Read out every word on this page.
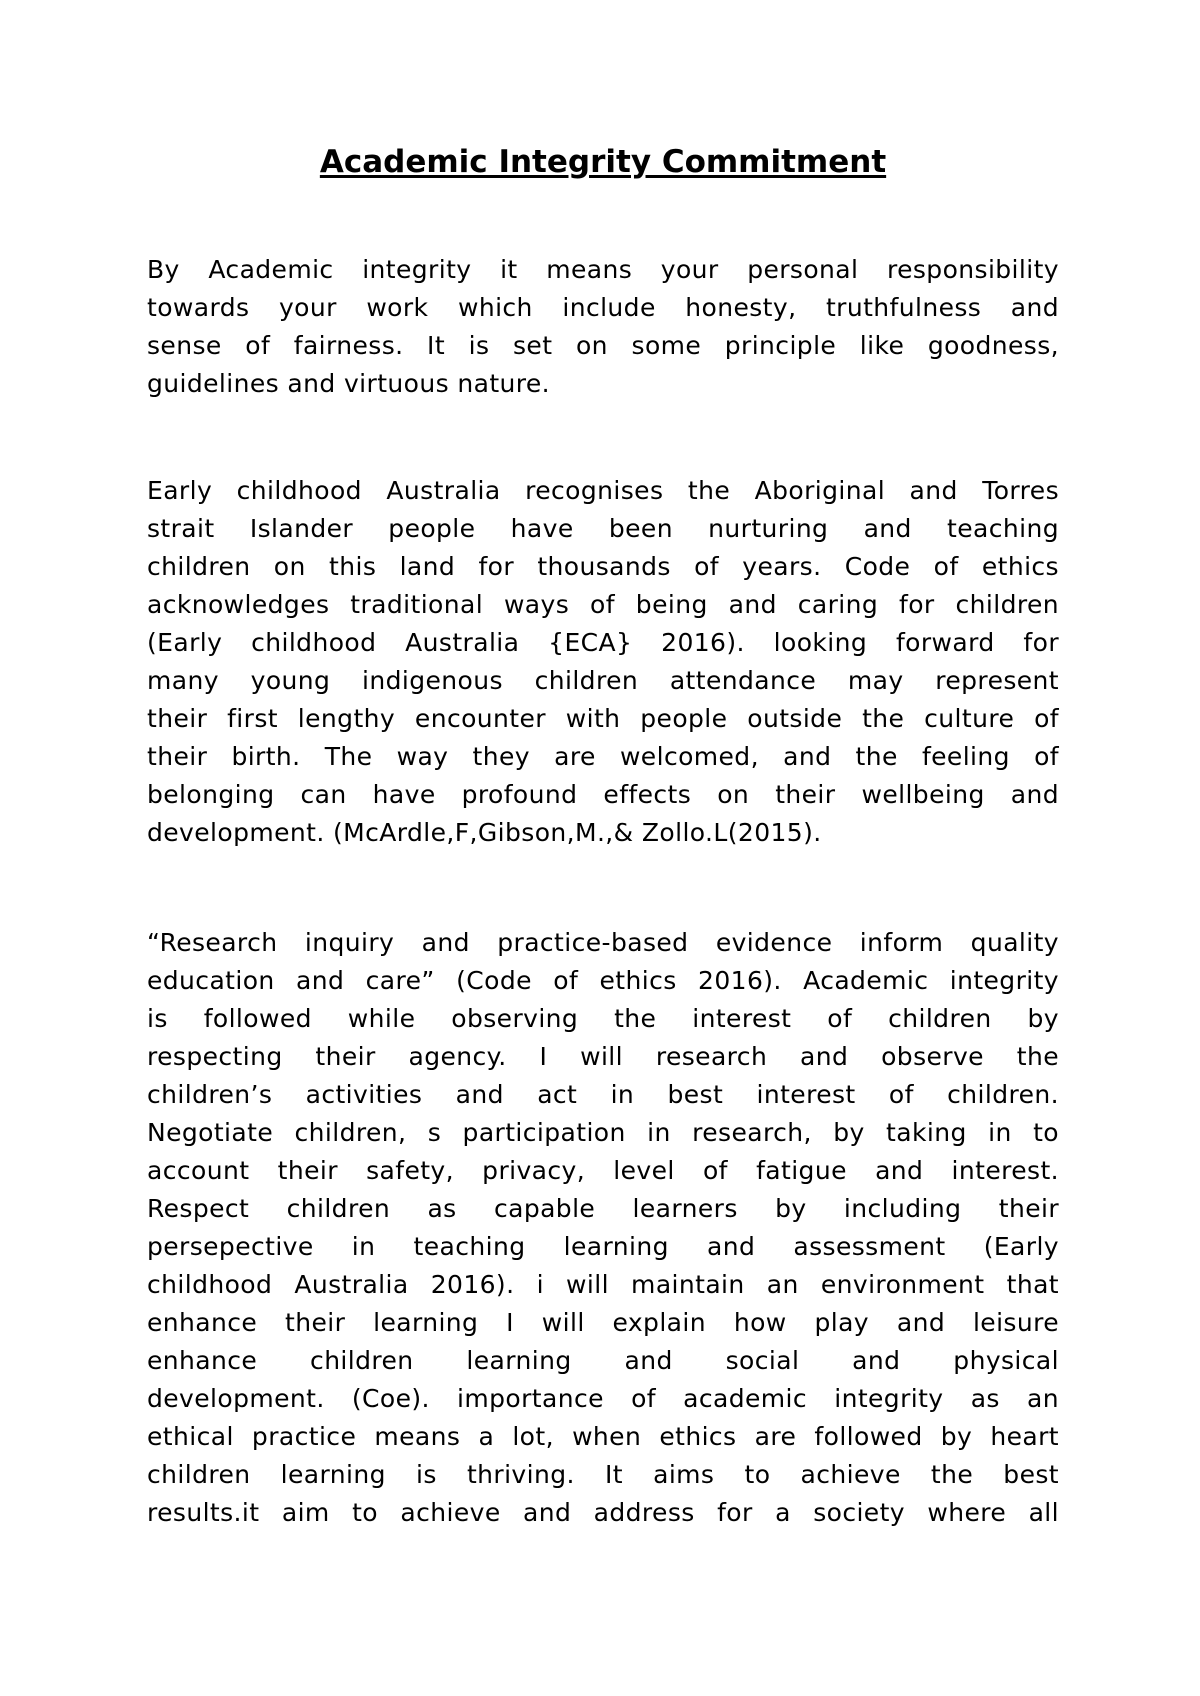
Academic Integrity Commitment
By Academic integrity it means your personal responsibility
towards your work which include honesty, truthfulness and
sense of fairness. It is set on some principle like goodness,
guidelines and virtuous nature.
Early childhood Australia recognises the Aboriginal and Torres
strait Islander people have been nurturing and teaching
children on this land for thousands of years. Code of ethics
acknowledges traditional ways of being and caring for children
(Early childhood Australia {ECA} 2016). looking forward for
many young indigenous children attendance may represent
their first lengthy encounter with people outside the culture of
their birth. The way they are welcomed, and the feeling of
belonging can have profound effects on their wellbeing and
development. (McArdle,F,Gibson,M.,& Zollo.L(2015).
“Research inquiry and practice-based evidence inform quality
education and care” (Code of ethics 2016). Academic integrity
is followed while observing the interest of children by
respecting their agency. I will research and observe the
children’s activities and act in best interest of children.
Negotiate children, s participation in research, by taking in to
account their safety, privacy, level of fatigue and interest.
Respect children as capable learners by including their
persepective in teaching learning and assessment (Early
childhood Australia 2016). i will maintain an environment that
enhance their learning I will explain how play and leisure
enhance children learning and social and physical
development. (Coe). importance of academic integrity as an
ethical practice means a lot, when ethics are followed by heart
children learning is thriving. It aims to achieve the best
results.it aim to achieve and address for a society where all
